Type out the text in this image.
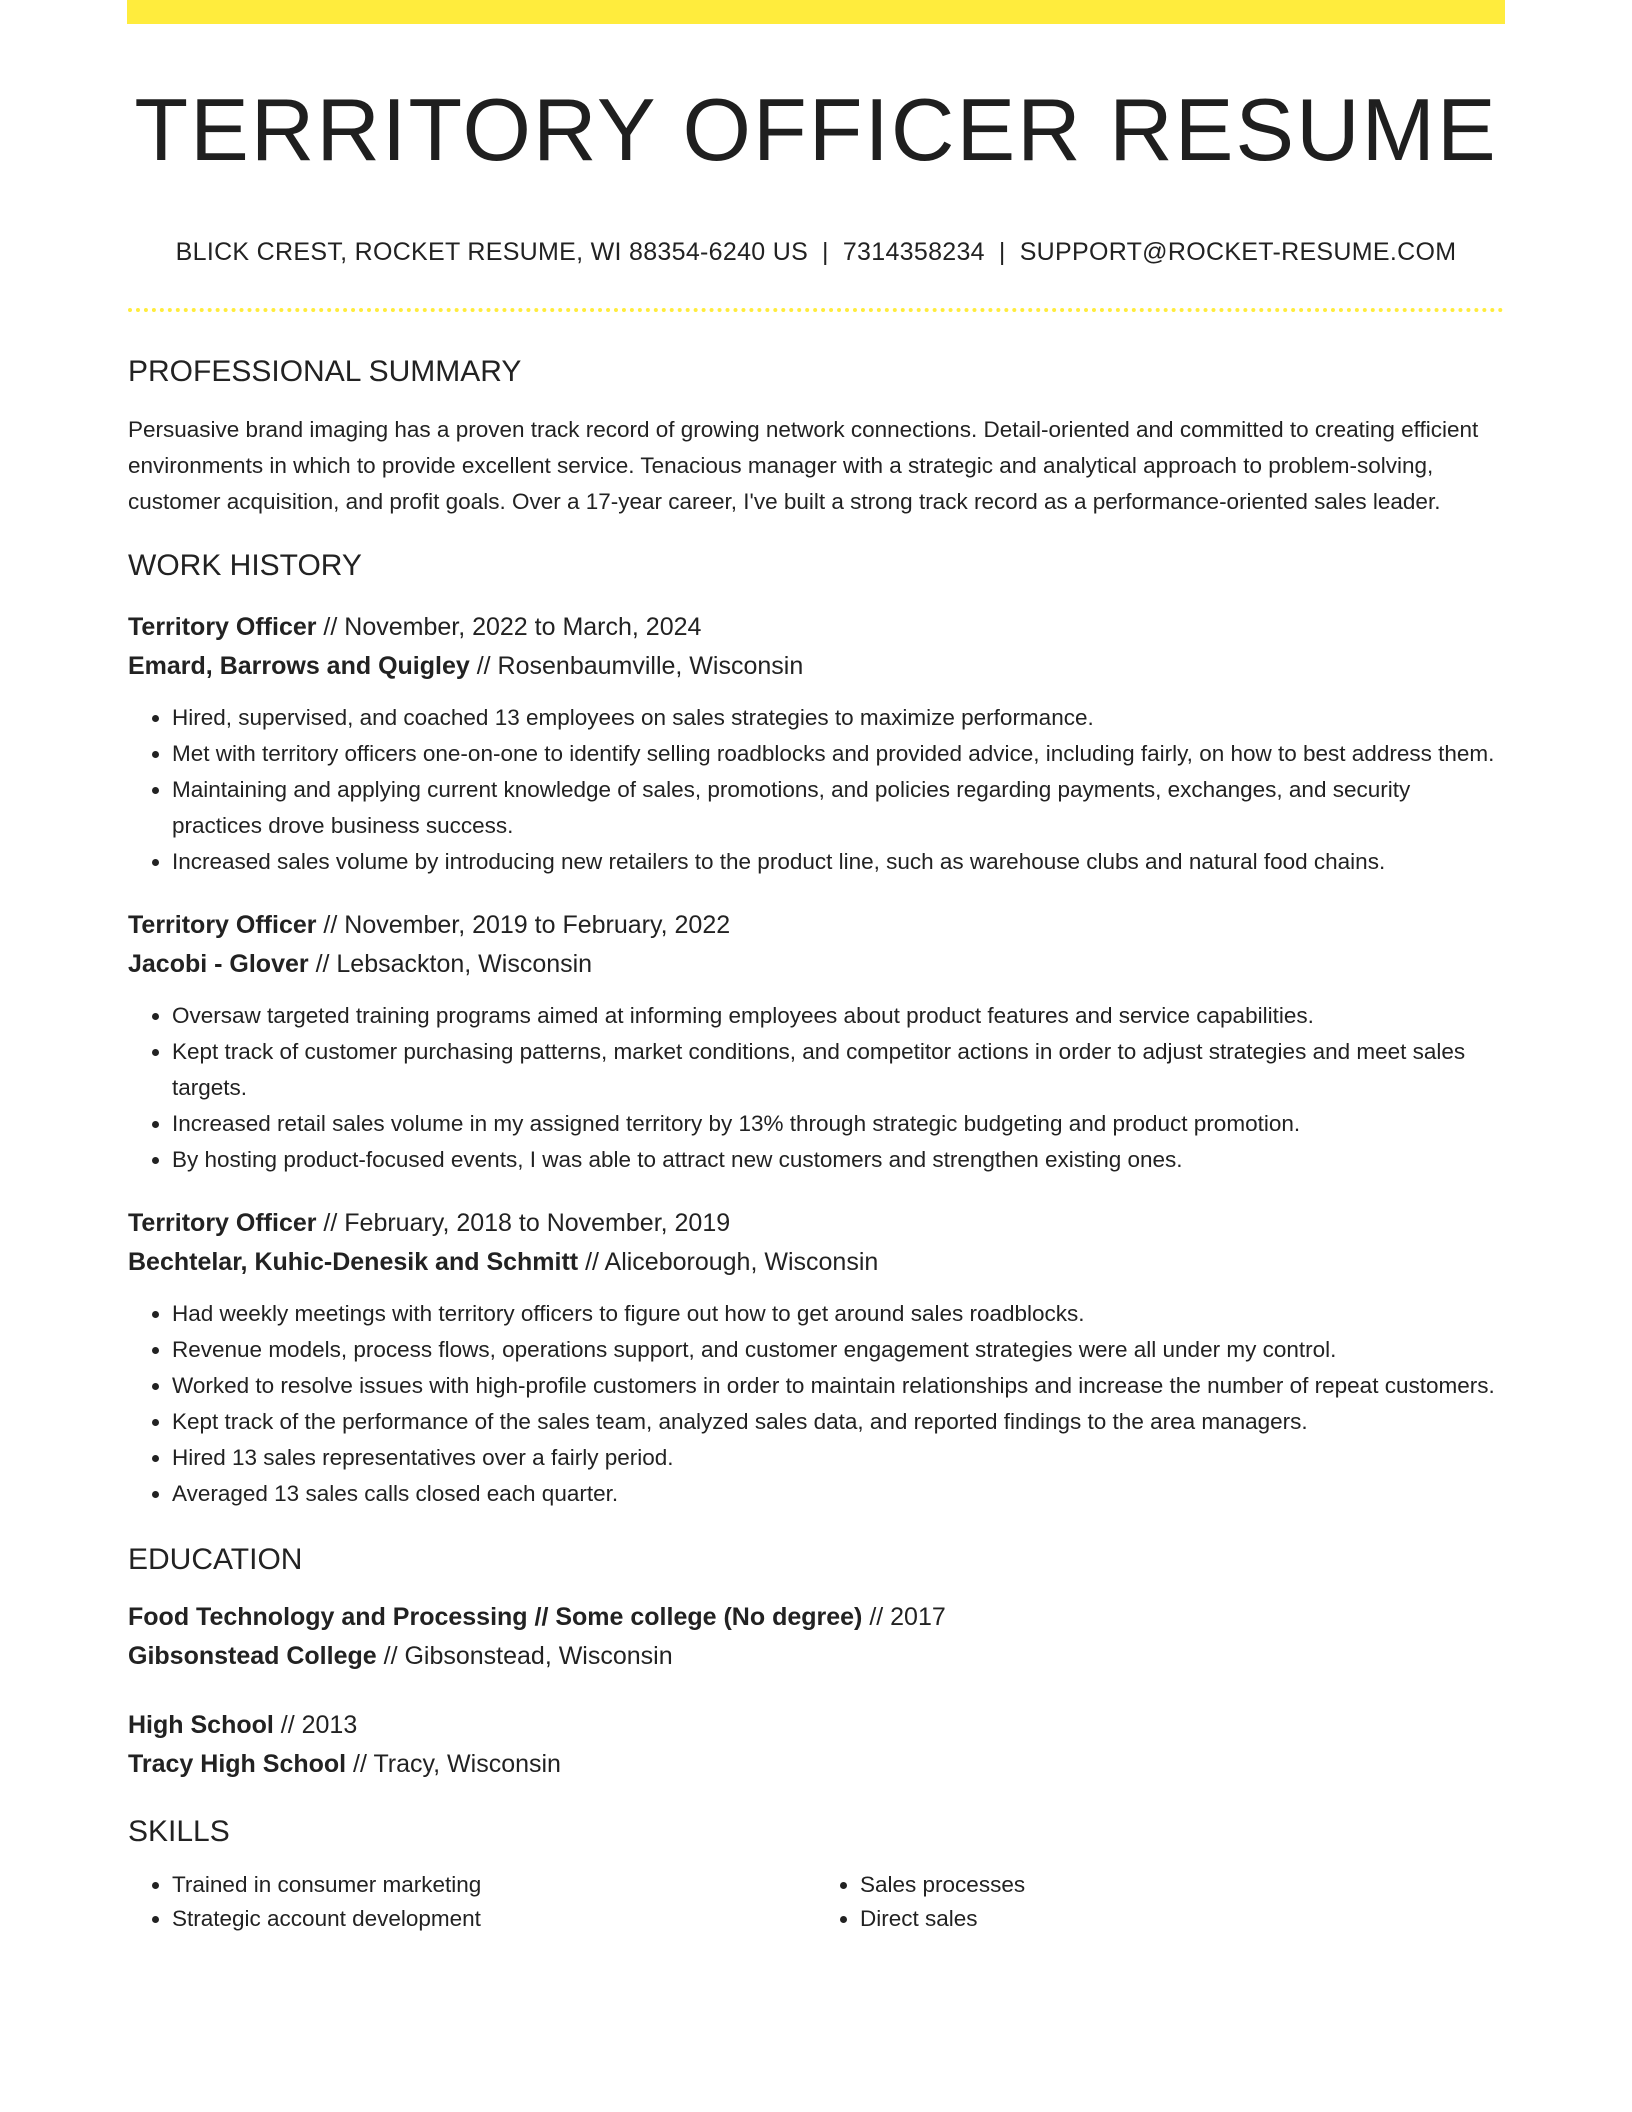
TERRITORY OFFICER RESUME
BLICK CREST, ROCKET RESUME, WI 88354-6240 US | 7314358234 | SUPPORT@ROCKET-RESUME.COM
PROFESSIONAL SUMMARY

Persuasive brand imaging has a proven track record of growing network connections. Detail-oriented and committed to creating efficient environments in which to provide excellent service. Tenacious manager with a strategic and analytical approach to problem-solving, customer acquisition, and profit goals. Over a 17-year career, I've built a strong track record as a performance-oriented sales leader.

WORK HISTORY
Territory Officer // November, 2022 to March, 2024
Emard, Barrows and Quigley // Rosenbaumville, Wisconsin
• Hired, supervised, and coached 13 employees on sales strategies to maximize performance.
• Met with territory officers one-on-one to identify selling roadblocks and provided advice, including fairly, on how to best address them.
• Maintaining and applying current knowledge of sales, promotions, and policies regarding payments, exchanges, and security practices drove business success.
• Increased sales volume by introducing new retailers to the product line, such as warehouse clubs and natural food chains.
Territory Officer // November, 2019 to February, 2022
Jacobi - Glover // Lebsackton, Wisconsin
• Oversaw targeted training programs aimed at informing employees about product features and service capabilities.
• Kept track of customer purchasing patterns, market conditions, and competitor actions in order to adjust strategies and meet sales targets.
• Increased retail sales volume in my assigned territory by 13% through strategic budgeting and product promotion.
• By hosting product-focused events, I was able to attract new customers and strengthen existing ones.
Territory Officer // February, 2018 to November, 2019
Bechtelar, Kuhic-Denesik and Schmitt // Aliceborough, Wisconsin
• Had weekly meetings with territory officers to figure out how to get around sales roadblocks.
• Revenue models, process flows, operations support, and customer engagement strategies were all under my control.
• Worked to resolve issues with high-profile customers in order to maintain relationships and increase the number of repeat customers.
• Kept track of the performance of the sales team, analyzed sales data, and reported findings to the area managers.
• Hired 13 sales representatives over a fairly period.
• Averaged 13 sales calls closed each quarter.
EDUCATION
Food Technology and Processing // Some college (No degree) // 2017
Gibsonstead College // Gibsonstead, Wisconsin
High School // 2013
Tracy High School // Tracy, Wisconsin
SKILLS
• Trained in consumer marketing
• Strategic account development
• Sales processes
• Direct sales
